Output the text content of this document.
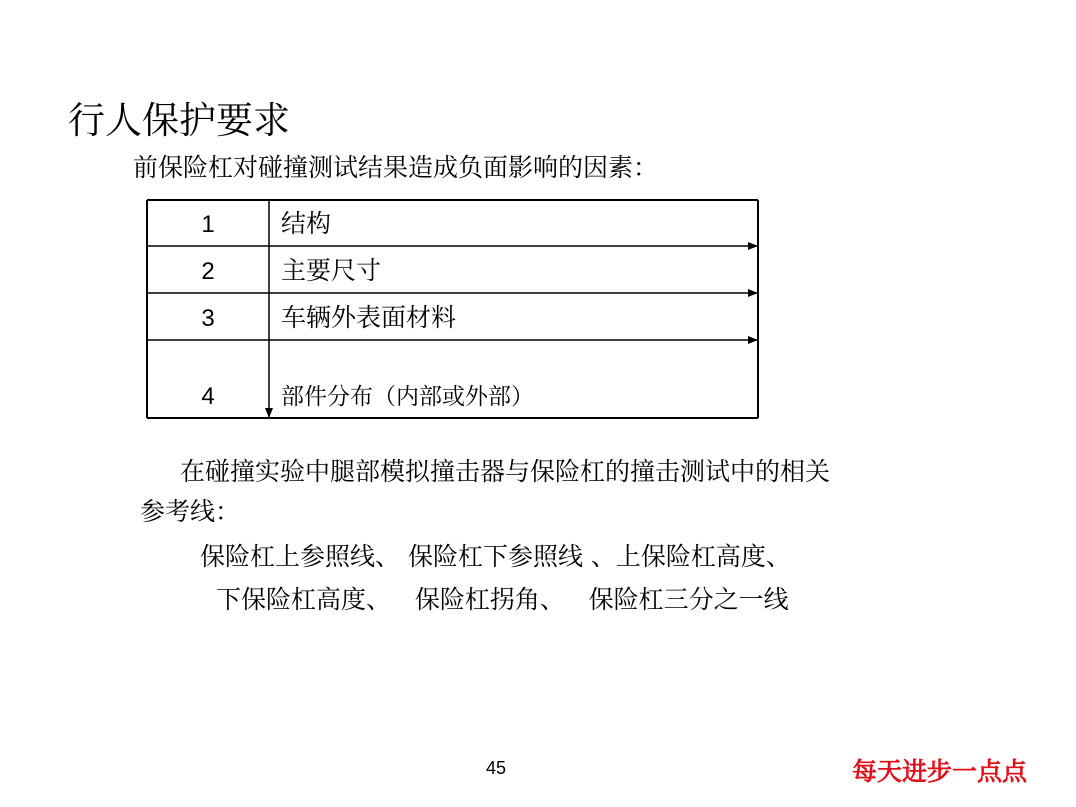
行人保护要求
前保险杠对碰撞测试结果造成负面影响的因素：
1
2
3
4
结构
主要尺寸
车辆外表面材料
部件分布（内部或外部）
在碰撞实验中腿部模拟撞击器与保险杠的撞击测试中的相关
参考线：
保险杠上参照线、 保险杠下参照线 、上保险杠高度、
下保险杠高度、   保险杠拐角、   保险杠三分之一线
45	每天进步一点点
